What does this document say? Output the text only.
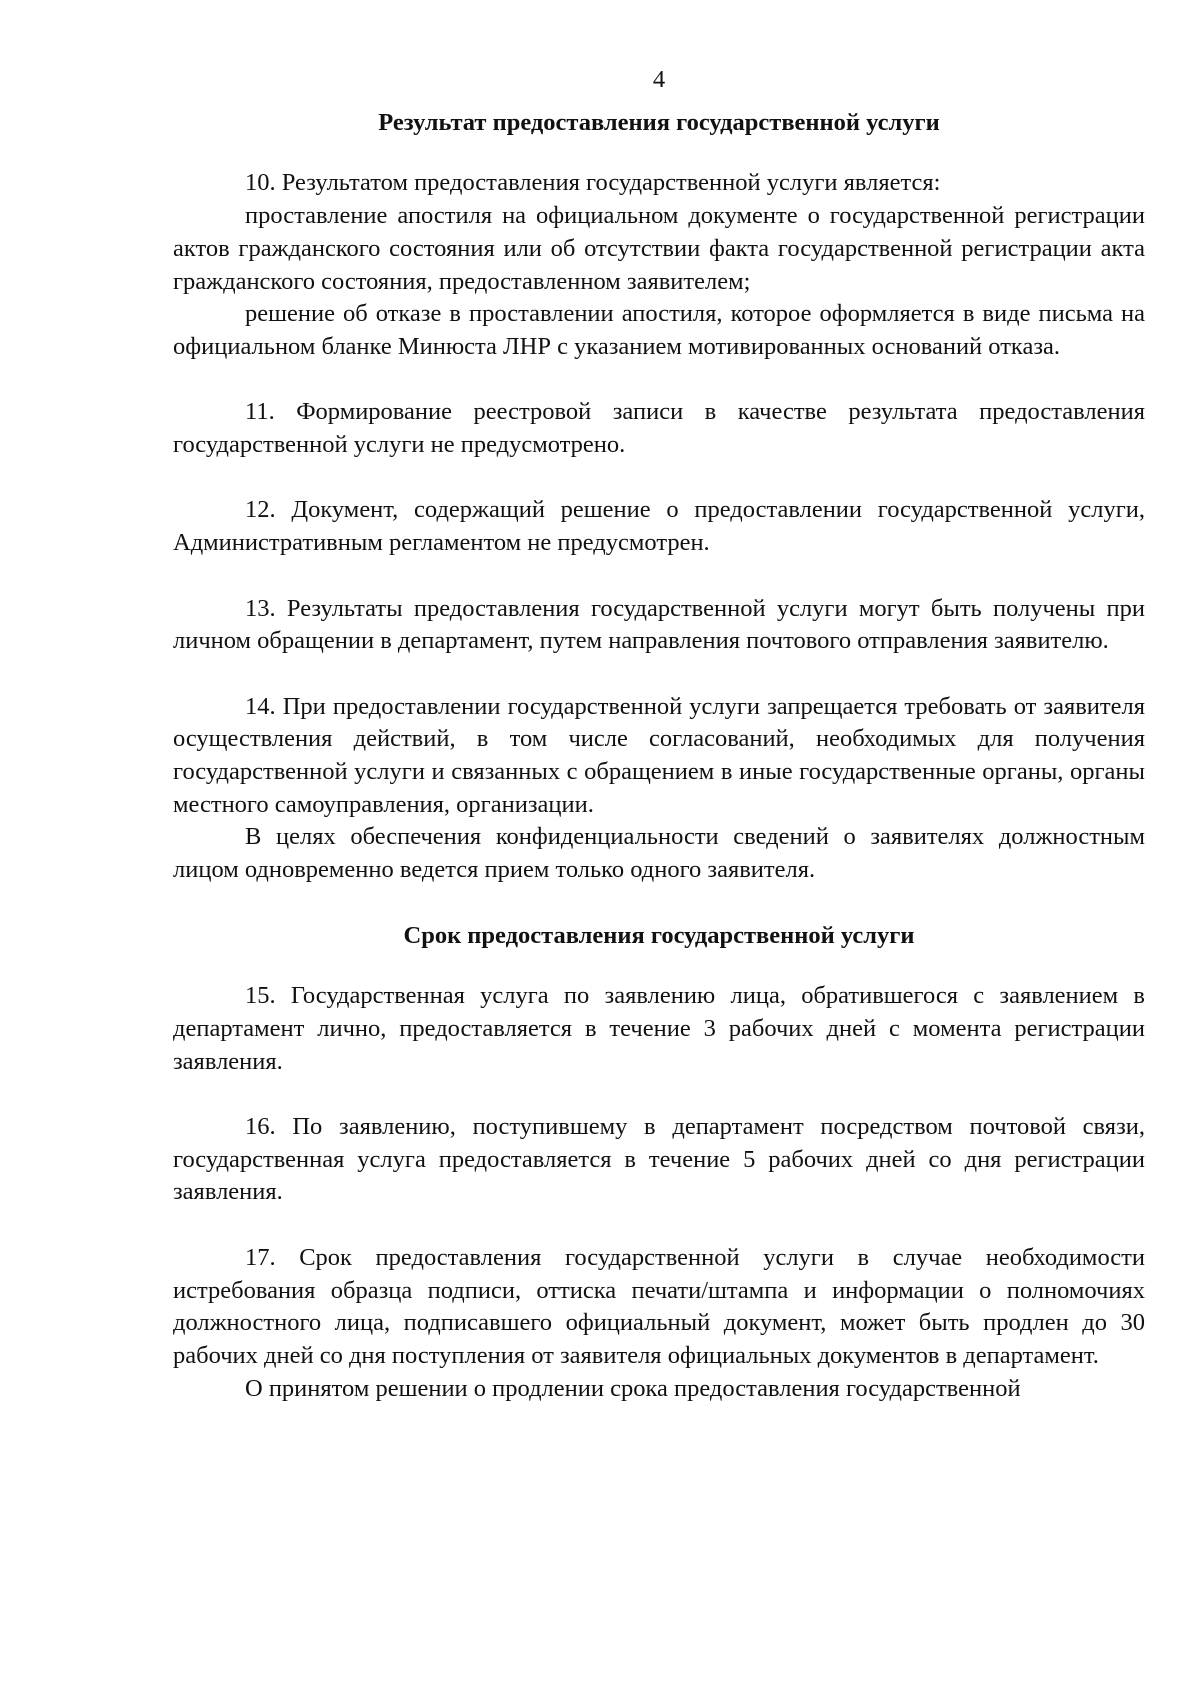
4
Результат предоставления государственной услуги

10. Результатом предоставления государственной услуги является:

проставление апостиля на официальном документе о государственной регистрации актов гражданского состояния или об отсутствии факта государственной регистрации акта гражданского состояния, предоставленном заявителем;

решение об отказе в проставлении апостиля, которое оформляется в виде письма на официальном бланке Минюста ЛНР с указанием мотивированных оснований отказа.

11. Формирование реестровой записи в качестве результата предоставления государственной услуги не предусмотрено.

12. Документ, содержащий решение о предоставлении государственной услуги, Административным регламентом не предусмотрен.

13. Результаты предоставления государственной услуги могут быть получены при личном обращении в департамент, путем направления почтового отправления заявителю.

14. При предоставлении государственной услуги запрещается требовать от заявителя осуществления действий, в том числе согласований, необходимых для получения государственной услуги и связанных с обращением в иные государственные органы, органы местного самоуправления, организации.

В целях обеспечения конфиденциальности сведений о заявителях должностным лицом одновременно ведется прием только одного заявителя.

Срок предоставления государственной услуги

15. Государственная услуга по заявлению лица, обратившегося с заявлением в департамент лично, предоставляется в течение 3 рабочих дней с момента регистрации заявления.

16. По заявлению, поступившему в департамент посредством почтовой связи, государственная услуга предоставляется в течение 5 рабочих дней со дня регистрации заявления.

17. Срок предоставления государственной услуги в случае необходимости истребования образца подписи, оттиска печати/штампа и информации о полномочиях должностного лица, подписавшего официальный документ, может быть продлен до 30 рабочих дней со дня поступления от заявителя официальных документов в департамент.

О принятом решении о продлении срока предоставления государственной
